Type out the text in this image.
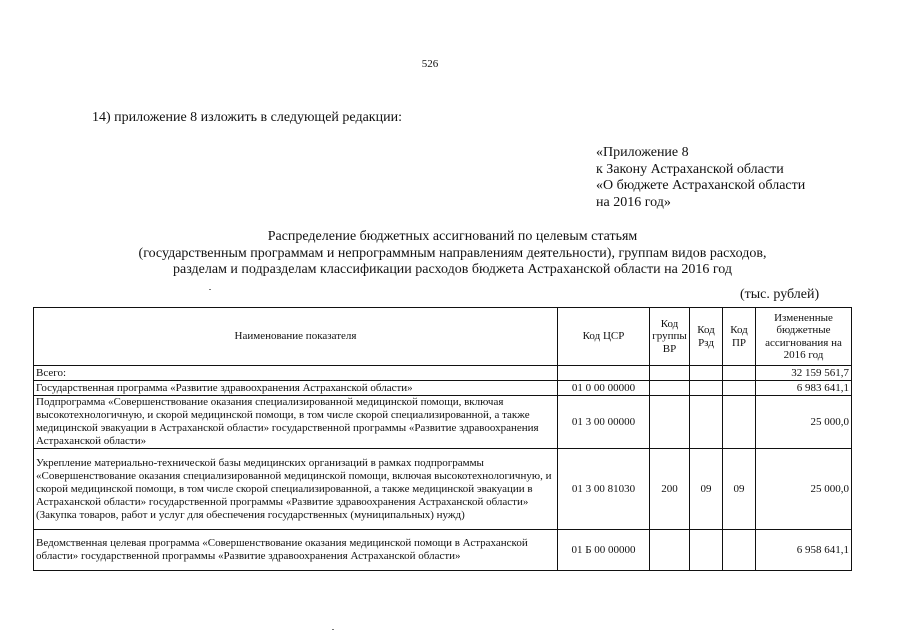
526
14) приложение 8 изложить в следующей редакции:
«Приложение 8
к Закону Астраханской области
«О бюджете Астраханской области
на 2016 год»
Распределение бюджетных ассигнований по целевым статьям
(государственным программам и непрограммным направлениям деятельности), группам видов расходов,
разделам и подразделам классификации расходов бюджета Астраханской области на 2016 год
(тыс. рублей)
Наименование показателя	Код ЦСР	Код группы ВР	Код Рзд	Код ПР	Измененные бюджетные ассигнования на 2016 год
Всего:					32 159 561,7
Государственная программа «Развитие здравоохранения Астраханской области»	01 0 00 00000				6 983 641,1
Подпрограмма «Совершенствование оказания специализированной медицинской помощи, включая высокотехнологичную, и скорой медицинской помощи, в том числе скорой специализированной, а также медицинской эвакуации в Астраханской области» государственной программы «Развитие здравоохранения Астраханской области»	01 3 00 00000				25 000,0
Укрепление материально-технической базы медицинских организаций в рамках подпрограммы «Совершенствование оказания специализированной медицинской помощи, включая высокотехнологичную, и скорой медицинской помощи, в том числе скорой специализированной, а также медицинской эвакуации в Астраханской области» государственной программы «Развитие здравоохранения Астраханской области» (Закупка товаров, работ и услуг для обеспечения государственных (муниципальных) нужд)	01 3 00 81030	200	09	09	25 000,0
Ведомственная целевая программа «Совершенствование оказания медицинской помощи в Астраханской области» государственной программы «Развитие здравоохранения Астраханской области»	01 Б 00 00000				6 958 641,1
